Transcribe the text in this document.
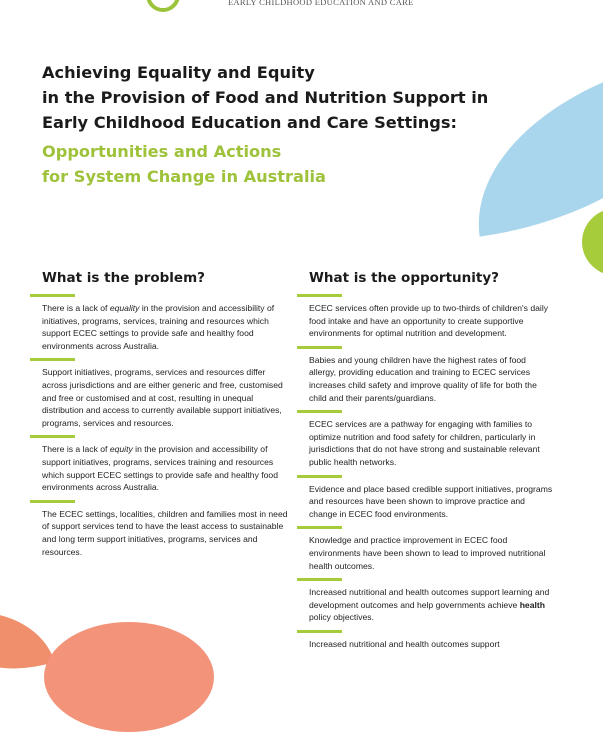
EARLY CHILDHOOD EDUCATION AND CARE
Achieving Equality and Equity
in the Provision of Food and Nutrition Support in
Early Childhood Education and Care Settings:
Opportunities and Actions
for System Change in Australia
What is the problem?
There is a lack of equality in the provision and accessibility of initiatives, programs, services, training and resources which support ECEC settings to provide safe and healthy food environments across Australia.
Support initiatives, programs, services and resources differ across jurisdictions and are either generic and free, customised and free or customised and at cost, resulting in unequal distribution and access to currently available support initiatives, programs, services and resources.
There is a lack of equity in the provision and accessibility of support initiatives, programs, services training and resources which support ECEC settings to provide safe and healthy food environments across Australia.
The ECEC settings, localities, children and families most in need of support services tend to have the least access to sustainable and long term support initiatives, programs, services and resources.
What is the opportunity?
ECEC services often provide up to two-thirds of children's daily food intake and have an opportunity to create supportive environments for optimal nutrition and development.
Babies and young children have the highest rates of food allergy, providing education and training to ECEC services increases child safety and improve quality of life for both the child and their parents/guardians.
ECEC services are a pathway for engaging with families to optimize nutrition and food safety for children, particularly in jurisdictions that do not have strong and sustainable relevant public health networks.
Evidence and place based credible support initiatives, programs and resources have been shown to improve practice and change in ECEC food environments.
Knowledge and practice improvement in ECEC food environments have been shown to lead to improved nutritional health outcomes.
Increased nutritional and health outcomes support learning and development outcomes and help governments achieve health policy objectives.
Increased nutritional and health outcomes support
